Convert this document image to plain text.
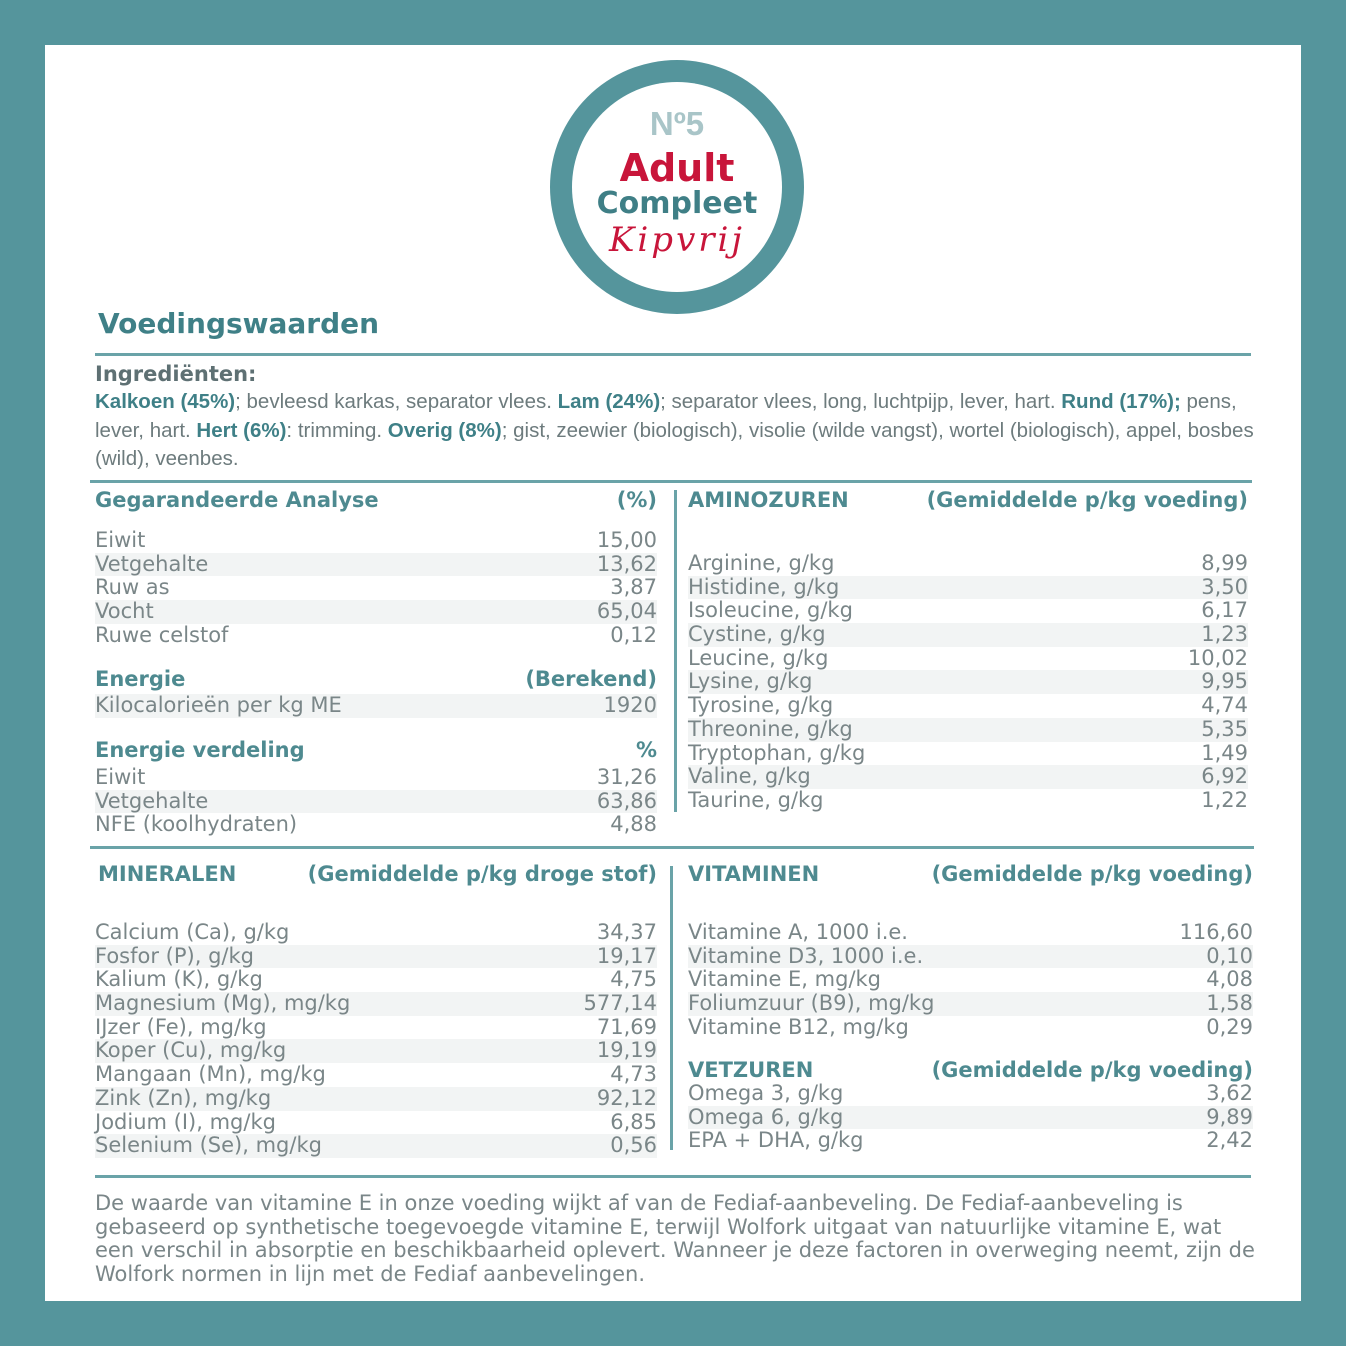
Nº5
Adult
Compleet
Kipvrij
Voedingswaarden
Ingrediënten:
Kalkoen (45%); bevleesd karkas, separator vlees. Lam (24%); separator vlees, long, luchtpijp, lever, hart. Rund (17%); pens, lever, hart. Hert (6%): trimming. Overig (8%); gist, zeewier (biologisch), visolie (wilde vangst), wortel (biologisch), appel, bosbes (wild), veenbes.
Gegarandeerde Analyse	(%)
Eiwit	15,00
Vetgehalte	13,62
Ruw as	3,87
Vocht	65,04
Ruwe celstof	0,12
Energie	(Berekend)
Kilocalorieën per kg ME	1920
Energie verdeling	%
Eiwit	31,26
Vetgehalte	63,86
NFE (koolhydraten)	4,88
AMINOZUREN	(Gemiddelde p/kg voeding)
Arginine, g/kg	8,99
Histidine, g/kg	3,50
Isoleucine, g/kg	6,17
Cystine, g/kg	1,23
Leucine, g/kg	10,02
Lysine, g/kg	9,95
Tyrosine, g/kg	4,74
Threonine, g/kg	5,35
Tryptophan, g/kg	1,49
Valine, g/kg	6,92
Taurine, g/kg	1,22
MINERALEN	(Gemiddelde p/kg droge stof)
Calcium (Ca), g/kg	34,37
Fosfor (P), g/kg	19,17
Kalium (K), g/kg	4,75
Magnesium (Mg), mg/kg	577,14
IJzer (Fe), mg/kg	71,69
Koper (Cu), mg/kg	19,19
Mangaan (Mn), mg/kg	4,73
Zink (Zn), mg/kg	92,12
Jodium (I), mg/kg	6,85
Selenium (Se), mg/kg	0,56
VITAMINEN	(Gemiddelde p/kg voeding)
Vitamine A, 1000 i.e.	116,60
Vitamine D3, 1000 i.e.	0,10
Vitamine E, mg/kg	4,08
Foliumzuur (B9), mg/kg	1,58
Vitamine B12, mg/kg	0,29
VETZUREN	(Gemiddelde p/kg voeding)
Omega 3, g/kg	3,62
Omega 6, g/kg	9,89
EPA + DHA, g/kg	2,42
De waarde van vitamine E in onze voeding wijkt af van de Fediaf-aanbeveling. De Fediaf-aanbeveling is gebaseerd op synthetische toegevoegde vitamine E, terwijl Wolfork uitgaat van natuurlijke vitamine E, wat een verschil in absorptie en beschikbaarheid oplevert. Wanneer je deze factoren in overweging neemt, zijn de Wolfork normen in lijn met de Fediaf aanbevelingen.
